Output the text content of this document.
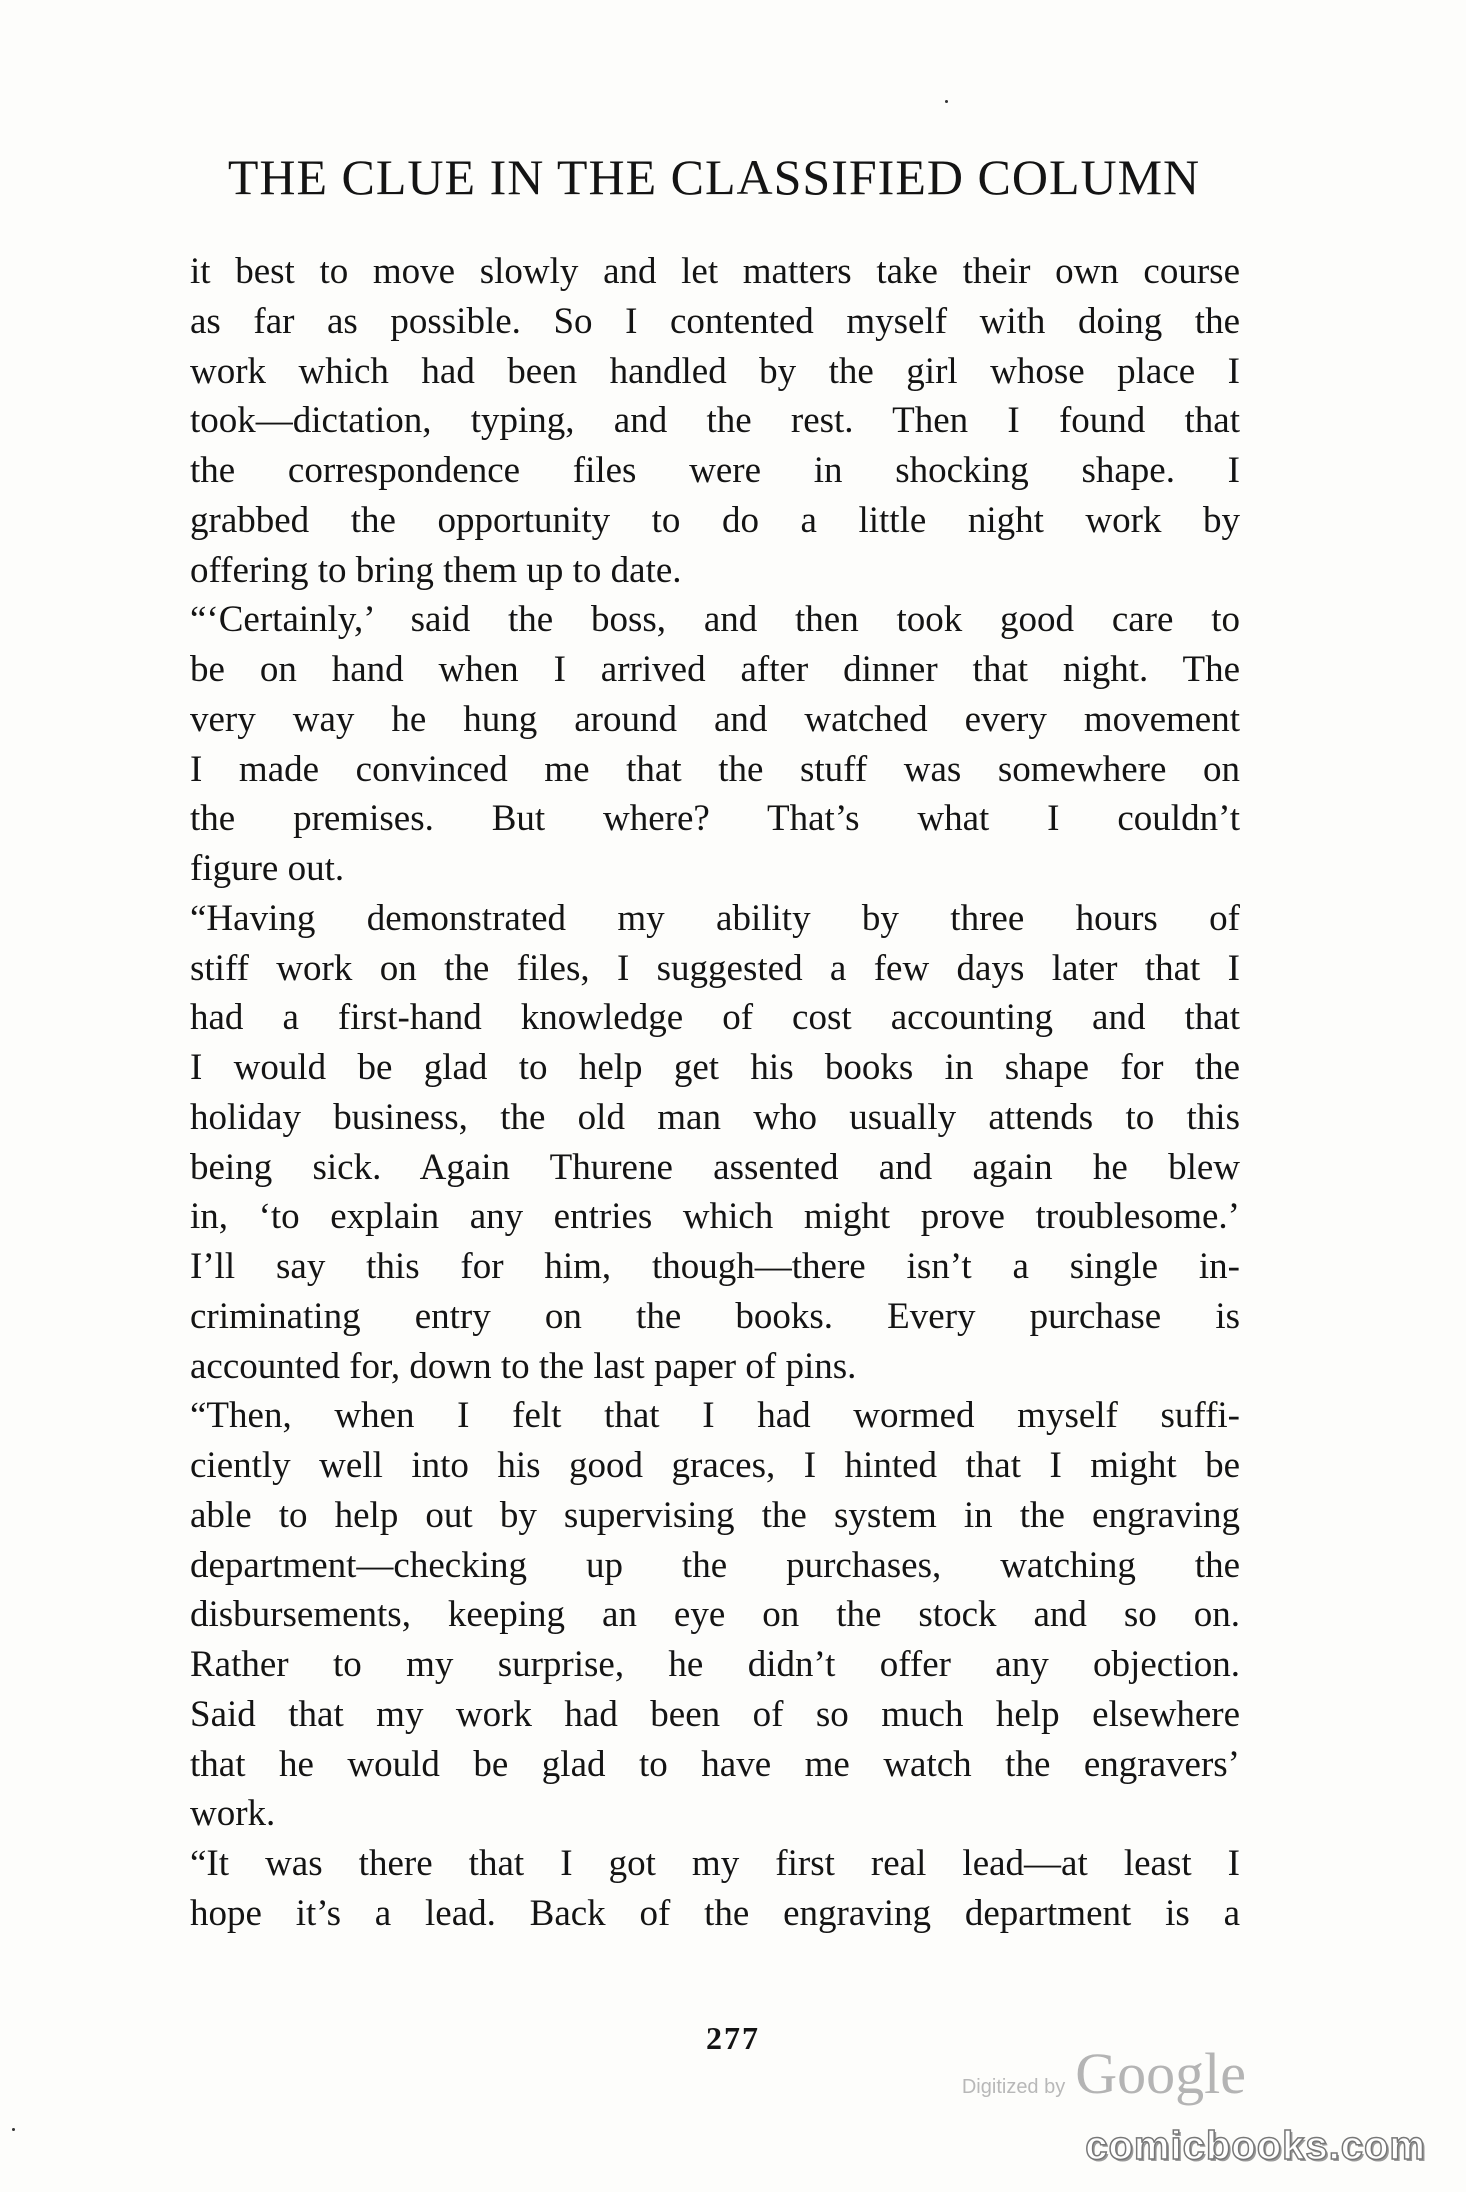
THE CLUE IN THE CLASSIFIED COLUMN
it best to move slowly and let matters take their own course
as far as possible. So I contented myself with doing the
work which had been handled by the girl whose place I
took—dictation, typing, and the rest. Then I found that
the correspondence files were in shocking shape. I
grabbed the opportunity to do a little night work by
offering to bring them up to date.
“‘Certainly,’ said the boss, and then took good care to
be on hand when I arrived after dinner that night. The
very way he hung around and watched every movement
I made convinced me that the stuff was somewhere on
the premises. But where? That’s what I couldn’t
figure out.
“Having demonstrated my ability by three hours of
stiff work on the files, I suggested a few days later that I
had a first-hand knowledge of cost accounting and that
I would be glad to help get his books in shape for the
holiday business, the old man who usually attends to this
being sick. Again Thurene assented and again he blew
in, ‘to explain any entries which might prove troublesome.’
I’ll say this for him, though—there isn’t a single in-
criminating entry on the books. Every purchase is
accounted for, down to the last paper of pins.
“Then, when I felt that I had wormed myself suffi-
ciently well into his good graces, I hinted that I might be
able to help out by supervising the system in the engraving
department—checking up the purchases, watching the
disbursements, keeping an eye on the stock and so on.
Rather to my surprise, he didn’t offer any objection.
Said that my work had been of so much help elsewhere
that he would be glad to have me watch the engravers’
work.
“It was there that I got my first real lead—at least I
hope it’s a lead. Back of the engraving department is a
277
Digitized by Google
comicbooks.com
